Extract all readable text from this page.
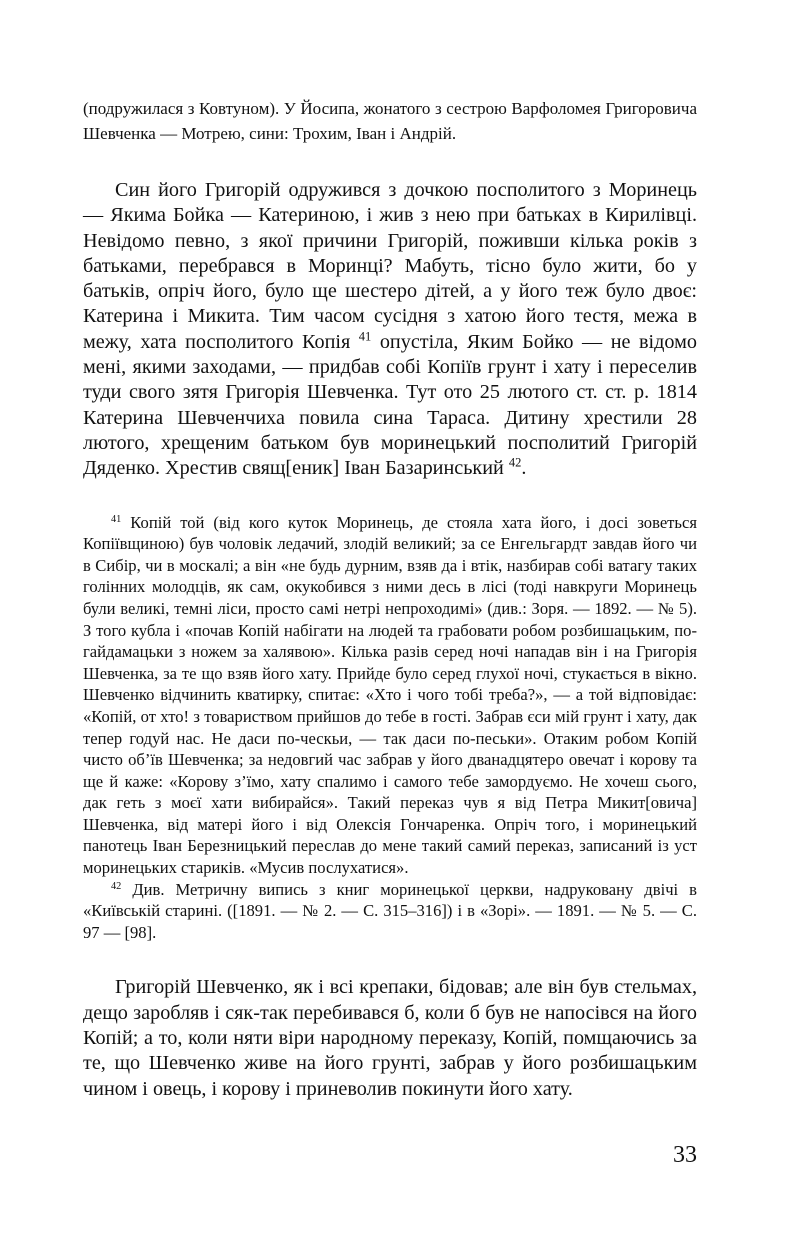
(подружилася з Ковтуном). У Йосипа, жонатого з сестрою Варфоломея Григоровича Шевченка — Мотрею, сини: Трохим, Іван і Андрій.

Син його Григорій одружився з дочкою посполитого з Моринець — Якима Бойка — Катериною, і жив з нею при батьках в Кирилівці. Невідомо певно, з якої причини Григорій, поживши кілька років з батьками, перебрався в Моринці? Мабуть, тісно було жити, бо у батьків, опріч його, було ще шестеро дітей, а у його теж було двоє: Катерина і Микита. Тим часом сусідня з хатою його тестя, межа в межу, хата посполитого Копія $^{41}$ опустіла, Яким Бойко — не відомо мені, якими заходами, — придбав собі Копіїв грунт і хату і переселив туди свого зятя Григорія Шевченка. Тут ото 25 лютого ст. ст. р. 1814 Катерина Шевченчиха повила сина Тараса. Дитину хрестили 28 лютого, хрещеним батьком був моринецький посполитий Григорій Дяденко. Хрестив свящ[еник] Іван Базаринський $^{42}$.

$^{41}$ Копій той (від кого куток Моринець, де стояла хата його, і досі зоветься Копіївщиною) був чоловік ледачий, злодій великий; за се Енгельгардт завдав його чи в Сибір, чи в москалі; а він «не будь дурним, взяв да і втік, назбирав собі ватагу таких голінних молодців, як сам, окукобився з ними десь в лісі (тоді навкруги Моринець були великі, темні ліси, просто самі нетрі непроходимі» (див.: Зоря. — 1892. — № 5). З того кубла і «почав Копій набігати на людей та грабовати робом розбишацьким, по-гайдамацьки з ножем за халявою». Кілька разів серед ночі нападав він і на Григорія Шевченка, за те що взяв його хату. Прийде було серед глухої ночі, стукається в вікно. Шевченко відчинить кватирку, спитає: «Хто і чого тобі треба?», — а той відповідає: «Копій, от хто! з товариством прийшов до тебе в гості. Забрав єси мій грунт і хату, дак тепер годуй нас. Не даси по-ческьи, — так даси по-песьки». Отаким робом Копій чисто об’їв Шевченка; за недовгий час забрав у його дванадцятеро овечат і корову та ще й каже: «Корову з’їмо, хату спалимо і самого тебе замордуємо. Не хочеш сього, дак геть з моєї хати вибирайся». Такий переказ чув я від Петра Микит[овича] Шевченка, від матері його і від Олексія Гончаренка. Опріч того, і моринецький панотець Іван Березницький переслав до мене такий самий переказ, записаний із уст моринецьких стариків. «Мусив послухатися».

$^{42}$ Див. Метричну випись з книг моринецької церкви, надруковану двічі в «Київській старині. ([1891. — № 2. — С. 315–316]) і в «Зорі». — 1891. — № 5. — С. 97 — [98].

Григорій Шевченко, як і всі крепаки, бідовав; але він був стельмах, дещо заробляв і сяк-так перебивався б, коли б був не напосівся на його Копій; а то, коли няти віри народному переказу, Копій, помщаючись за те, що Шевченко живе на його грунті, забрав у його розбишацьким чином і овець, і корову і приневолив покинути його хату.

33
